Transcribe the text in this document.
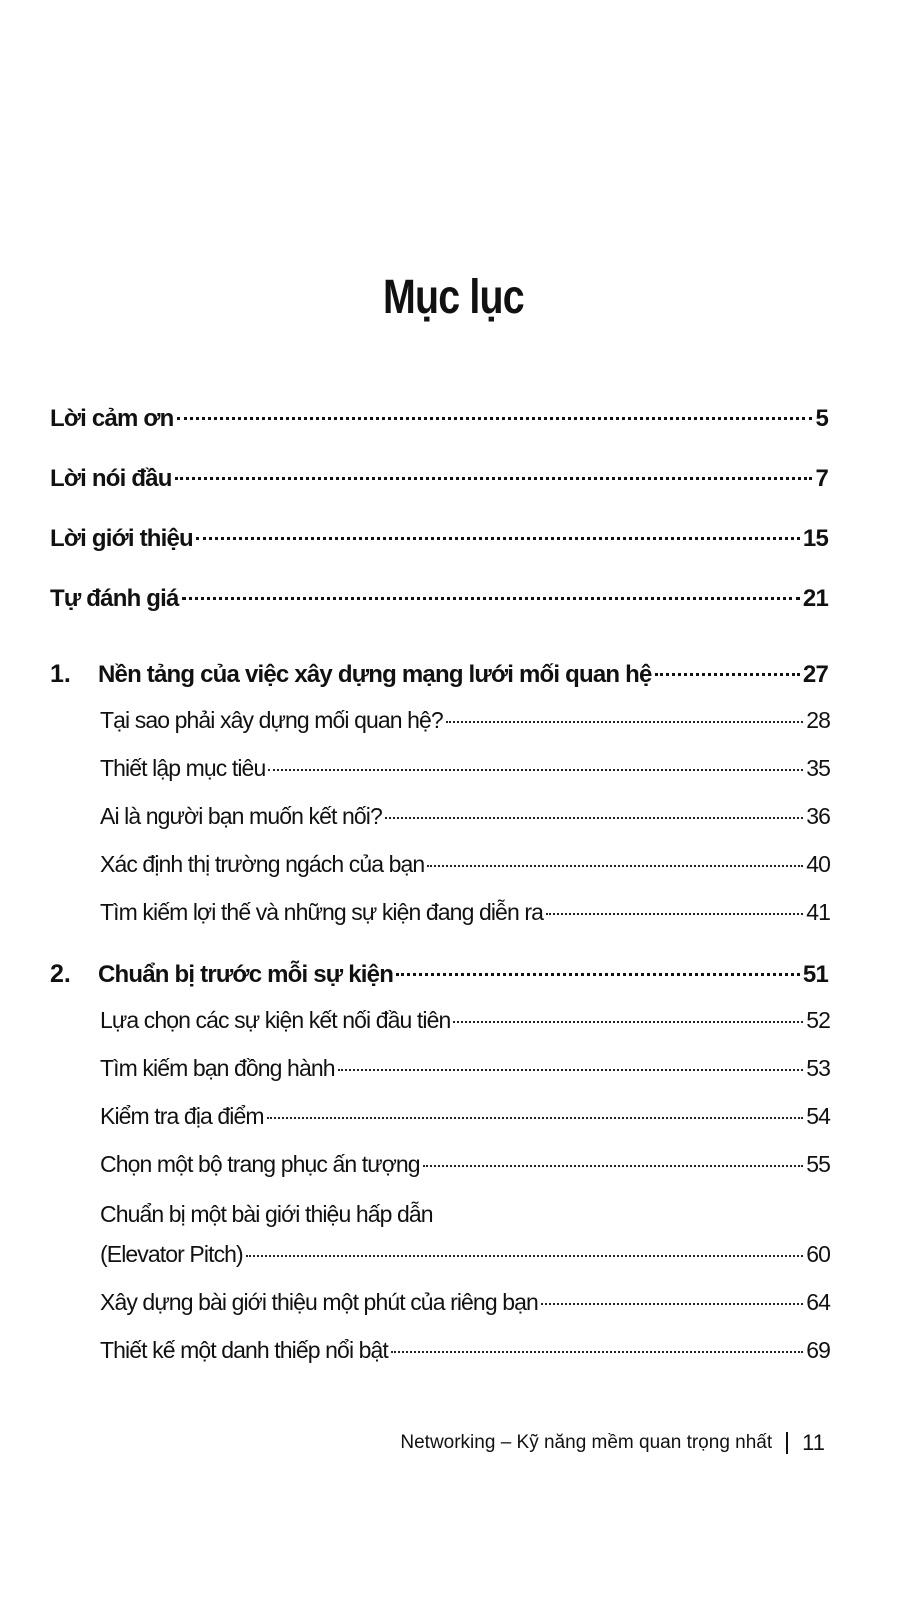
Mục lục
Lời cảm ơn	5
Lời nói đầu	7
Lời giới thiệu	15
Tự đánh giá	21
1.	Nền tảng của việc xây dựng mạng lưới mối quan hệ	27
Tại sao phải xây dựng mối quan hệ?	28
Thiết lập mục tiêu	35
Ai là người bạn muốn kết nối?	36
Xác định thị trường ngách của bạn	40
Tìm kiếm lợi thế và những sự kiện đang diễn ra	41
2.	Chuẩn bị trước mỗi sự kiện	51
Lựa chọn các sự kiện kết nối đầu tiên	52
Tìm kiếm bạn đồng hành	53
Kiểm tra địa điểm	54
Chọn một bộ trang phục ấn tượng	55
Chuẩn bị một bài giới thiệu hấp dẫn
(Elevator Pitch)	60
Xây dựng bài giới thiệu một phút của riêng bạn	64
Thiết kế một danh thiếp nổi bật	69
Networking – Kỹ năng mềm quan trọng nhất 11
